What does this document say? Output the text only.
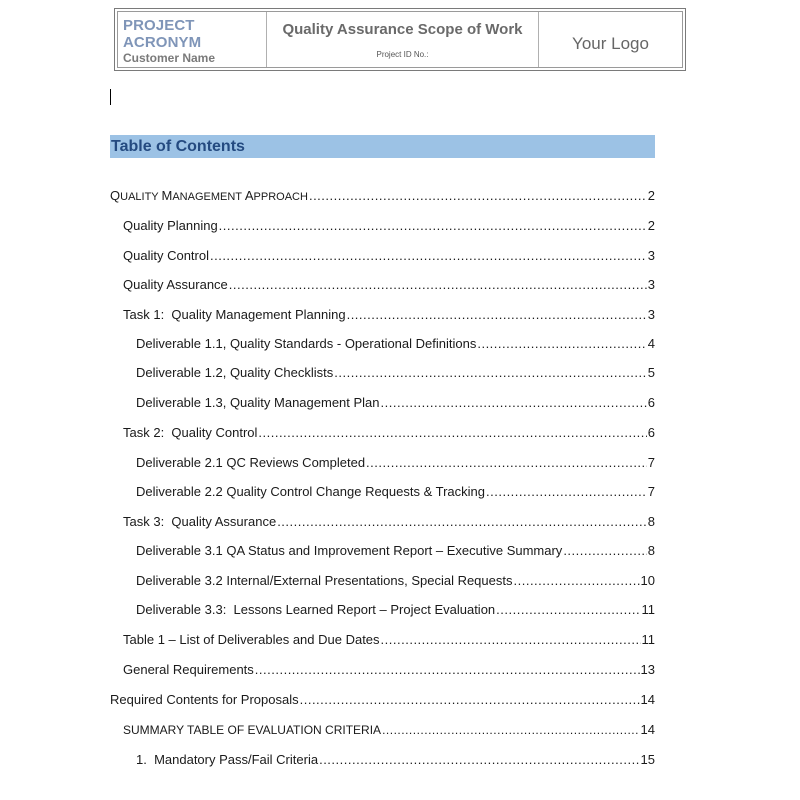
PROJECT ACRONYM
Customer Name
Quality Assurance Scope of Work
Project ID No.:
Your Logo
Table of Contents
QUALITY MANAGEMENT APPROACH .....	2
Quality Planning .....	2
Quality Control .....	3
Quality Assurance .....	3
Task 1:  Quality Management Planning .....	3
Deliverable 1.1, Quality Standards - Operational Definitions .....	4
Deliverable 1.2, Quality Checklists .....	5
Deliverable 1.3, Quality Management Plan .....	6
Task 2:  Quality Control .....	6
Deliverable 2.1 QC Reviews Completed .....	7
Deliverable 2.2 Quality Control Change Requests & Tracking .....	7
Task 3:  Quality Assurance .....	8
Deliverable 3.1 QA Status and Improvement Report – Executive Summary .....	8
Deliverable 3.2 Internal/External Presentations, Special Requests .....	10
Deliverable 3.3:  Lessons Learned Report – Project Evaluation .....	11
Table 1 – List of Deliverables and Due Dates .....	11
General Requirements .....	13
Required Contents for Proposals .....	14
SUMMARY TABLE OF EVALUATION CRITERIA .....	14
1.  Mandatory Pass/Fail Criteria .....	15
